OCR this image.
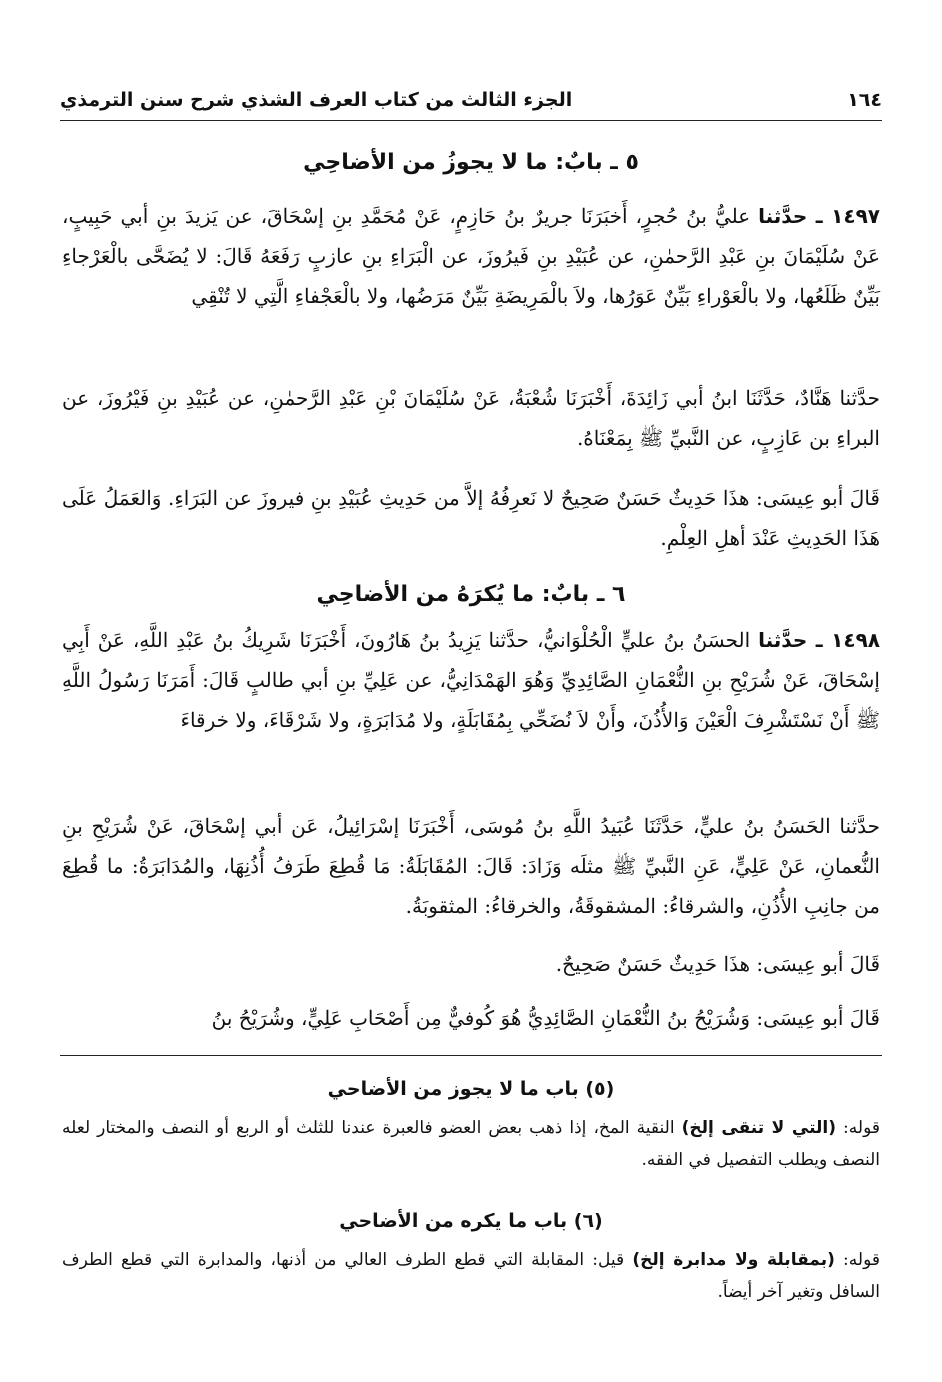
١٦٤
الجزء الثالث من كتاب العرف الشذي شرح سنن الترمذي
٥ ـ بابٌ: ما لا يجوزُ من الأضاحِي

١٤٩٧ ـ حدَّثنا عليُّ بنُ حُجرٍ، أَخبَرَنَا جريرٌ بنُ حَازِمٍ، عَنْ مُحَمَّدِ بنِ إسْحَاقَ، عن يَزيدَ بنِ أبي حَبِيبٍ، عَنْ سُلَيْمَانَ بنِ عَبْدِ الرَّحمٰنِ، عن عُبَيْدِ بنِ فَيرُوزَ، عن الْبَرَاءِ بنِ عازبٍ رَفَعَهُ قَالَ: لا يُضَحَّى بالْعَرْجاءِ بَيِّنٌ ظَلَعُها، ولا بالْعَوْراءِ بَيِّنٌ عَوَرُها، ولاَ بالْمَرِيضَةِ بَيِّنٌ مَرَضُها، ولا بالْعَجْفاءِ الَّتِي لا تُنْقِي

حدَّثنا هَنَّادٌ، حَدَّثَنَا ابنُ أبي زَائِدَةَ، أَخْبَرَنَا شُعْبَةُ، عَنْ سُلَيْمَانَ بْنِ عَبْدِ الرَّحمٰنِ، عن عُبَيْدِ بنِ فَيْرُوزَ، عن البراءِ بن عَازِبٍ، عن النَّبيِّ ﷺ بِمَعْنَاهُ.

قَالَ أبو عِيسَى: هذَا حَدِيثٌ حَسَنٌ صَحِيحٌ لا نَعرِفُهُ إلاَّ من حَدِيثِ عُبَيْدِ بنِ فيروزَ عن البَرَاءِ. وَالعَمَلُ عَلَى هَذَا الحَدِيثِ عَنْدَ أهلِ العِلْمِ.

٦ ـ بابٌ: ما يُكرَهُ من الأضاحِي

١٤٩٨ ـ حدَّثنا الحسَنُ بنُ عليٍّ الْحُلْوَانيُّ، حدَّثنا يَزِيدُ بنُ هَارُونَ، أَخْبَرَنَا شَرِيكُ بنُ عَبْدِ اللَّهِ، عَنْ أَبِي إسْحَاقَ، عَنْ شُرَيْحِ بنِ النُّعْمَانِ الصَّائِدِيِّ وَهُوَ الهَمْدَانِيُّ، عن عَلِيِّ بنِ أبي طالبٍ قَالَ: أَمَرَنَا رَسُولُ اللَّهِ ﷺ أَنْ نَسْتَشْرِفَ الْعَيْنَ وَالأُذُنَ، وأَنْ لاَ نُضَحِّي بِمُقَابَلَةٍ، ولا مُدَابَرَةٍ، ولا شَرْقَاءَ، ولا خرقاءَ

حدَّثنا الحَسَنُ بنُ عليٍّ، حَدَّثَنَا عُبَيدُ اللَّهِ بنُ مُوسَى، أَخْبَرَنَا إسْرَائِيلُ، عَن أبي إسْحَاقَ، عَنْ شُرَيْحِ بنِ النُّعمانِ، عَنْ عَلِيٍّ، عَنِ النَّبيِّ ﷺ مثلَه وَزَادَ: قَالَ: المُقَابَلَةُ: مَا قُطِعَ طَرَفُ أُذُنِهَا، والمُدَابَرَةُ: ما قُطِعَ من جانِبِ الأُذُنِ، والشرقاءُ: المشقوقَةُ، والخرقاءُ: المثقوبَةُ.

قَالَ أبو عِيسَى: هذَا حَدِيثٌ حَسَنٌ صَحِيحٌ.

قَالَ أبو عِيسَى: وَشُرَيْحُ بنُ النُّعْمَانِ الصَّائِدِيُّ هُوَ كُوفيٌّ مِن أَصْحَابِ عَلِيٍّ، وشُرَيْحُ بنُ

(٥) باب ما لا يجوز من الأضاحي

قوله: (التي لا تنقى إلخ) النقية المخ، إذا ذهب بعض العضو فالعبرة عندنا للثلث أو الربع أو النصف والمختار لعله النصف ويطلب التفصيل في الفقه.

(٦) باب ما يكره من الأضاحي

قوله: (بمقابلة ولا مدابرة إلخ) قيل: المقابلة التي قطع الطرف العالي من أذنها، والمدابرة التي قطع الطرف السافل وتغير آخر أيضاً.
